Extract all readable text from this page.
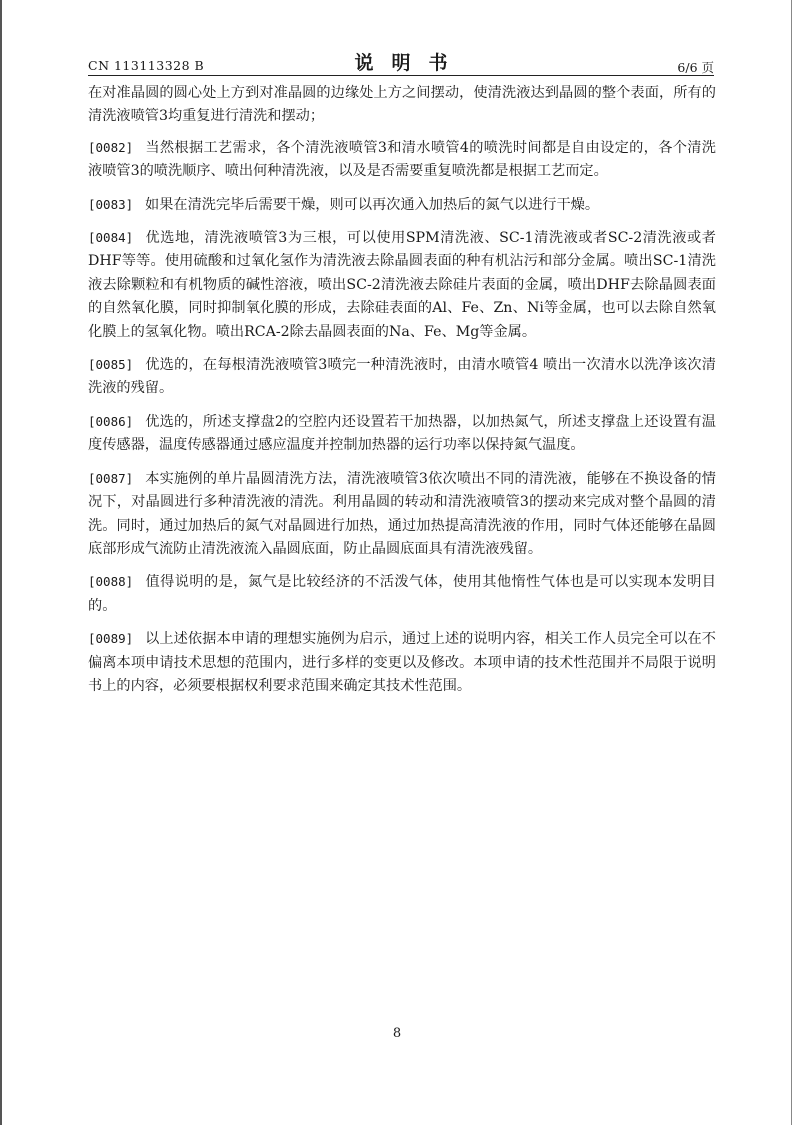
CN 113113328 B	说明书	6/6 页

在对准晶圆的圆心处上方到对准晶圆的边缘处上方之间摆动，使清洗液达到晶圆的整个表面，所有的清洗液喷管3均重复进行清洗和摆动；

[0082] 当然根据工艺需求，各个清洗液喷管3和清水喷管4的喷洗时间都是自由设定的，各个清洗液喷管3的喷洗顺序、喷出何种清洗液，以及是否需要重复喷洗都是根据工艺而定。

[0083] 如果在清洗完毕后需要干燥，则可以再次通入加热后的氮气以进行干燥。

[0084] 优选地，清洗液喷管3为三根，可以使用SPM清洗液、SC-1清洗液或者SC-2清洗液或者DHF等等。使用硫酸和过氧化氢作为清洗液去除晶圆表面的种有机沾污和部分金属。喷出SC-1清洗液去除颗粒和有机物质的碱性溶液，喷出SC-2清洗液去除硅片表面的金属，喷出DHF去除晶圆表面的自然氧化膜，同时抑制氧化膜的形成，去除硅表面的Al、Fe、Zn、Ni等金属，也可以去除自然氧化膜上的氢氧化物。喷出RCA-2除去晶圆表面的Na、Fe、Mg等金属。

[0085] 优选的，在每根清洗液喷管3喷完一种清洗液时，由清水喷管4 喷出一次清水以洗净该次清洗液的残留。

[0086] 优选的，所述支撑盘2的空腔内还设置若干加热器，以加热氮气，所述支撑盘上还设置有温度传感器，温度传感器通过感应温度并控制加热器的运行功率以保持氮气温度。

[0087] 本实施例的单片晶圆清洗方法，清洗液喷管3依次喷出不同的清洗液，能够在不换设备的情况下，对晶圆进行多种清洗液的清洗。利用晶圆的转动和清洗液喷管3的摆动来完成对整个晶圆的清洗。同时，通过加热后的氮气对晶圆进行加热，通过加热提高清洗液的作用，同时气体还能够在晶圆底部形成气流防止清洗液流入晶圆底面，防止晶圆底面具有清洗液残留。

[0088] 值得说明的是，氮气是比较经济的不活泼气体，使用其他惰性气体也是可以实现本发明目的。

[0089] 以上述依据本申请的理想实施例为启示，通过上述的说明内容，相关工作人员完全可以在不偏离本项申请技术思想的范围内，进行多样的变更以及修改。本项申请的技术性范围并不局限于说明书上的内容，必须要根据权利要求范围来确定其技术性范围。

8
